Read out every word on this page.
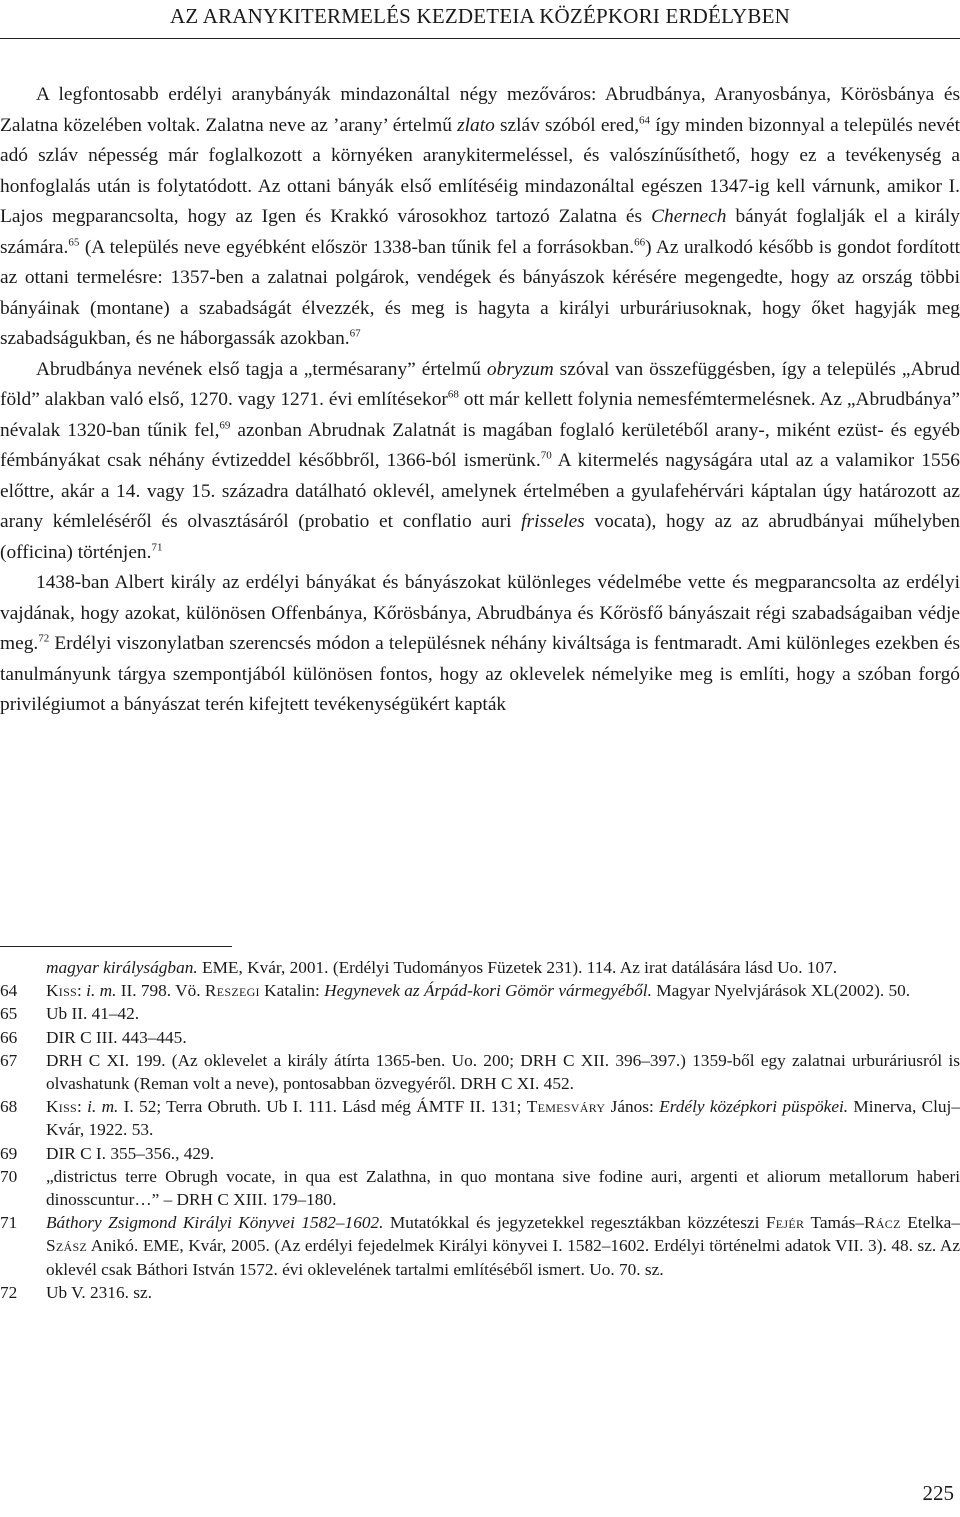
AZ ARANYKITERMELÉS KEZDETEIA KÖZÉPKORI ERDÉLYBEN

A legfontosabb erdélyi aranybányák mindazonáltal négy mezőváros: Abrudbánya, Aranyosbánya, Körösbánya és Zalatna közelében voltak. Zalatna neve az ’arany’ értelmű zlato szláv szóból ered,$^{64}$ így minden bizonnyal a település nevét adó szláv népesség már foglalkozott a környéken aranykitermeléssel, és valószínűsíthető, hogy ez a tevékenység a honfoglalás után is folytatódott. Az ottani bányák első említéséig mindazonáltal egészen 1347-ig kell várnunk, amikor I. Lajos megparancsolta, hogy az Igen és Krakkó városokhoz tartozó Zalatna és Chernech bányát foglalják el a király számára.$^{65}$ (A település neve egyébként először 1338-ban tűnik fel a forrásokban.$^{66}$) Az uralkodó később is gondot fordított az ottani termelésre: 1357-ben a zalatnai polgárok, vendégek és bányászok kérésére megengedte, hogy az ország többi bányáinak (montane) a szabadságát élvezzék, és meg is hagyta a királyi urburáriusoknak, hogy őket hagyják meg szabadságukban, és ne háborgassák azokban.$^{67}$

Abrudbánya nevének első tagja a „termésarany” értelmű obryzum szóval van összefüggésben, így a település „Abrud föld” alakban való első, 1270. vagy 1271. évi említésekor$^{68}$ ott már kellett folynia nemesfémtermelésnek. Az „Abrudbánya” névalak 1320-ban tűnik fel,$^{69}$ azonban Abrudnak Zalatnát is magában foglaló kerületéből arany-, miként ezüst- és egyéb fémbányákat csak néhány évtizeddel későbbről, 1366-ból ismerünk.$^{70}$ A kitermelés nagyságára utal az a valamikor 1556 előttre, akár a 14. vagy 15. századra datálható oklevél, amelynek értelmében a gyulafehérvári káptalan úgy határozott az arany kémleléséről és olvasztásáról (probatio et conflatio auri frisseles vocata), hogy az az abrudbányai műhelyben (officina) történjen.$^{71}$

1438-ban Albert király az erdélyi bányákat és bányászokat különleges védelmébe vette és megparancsolta az erdélyi vajdának, hogy azokat, különösen Offenbánya, Kőrösbánya, Abrudbánya és Kőrösfő bányászait régi szabadságaiban védje meg.$^{72}$ Erdélyi viszonylatban szerencsés módon a településnek néhány kiváltsága is fentmaradt. Ami különleges ezekben és tanulmányunk tárgya szempontjából különösen fontos, hogy az oklevelek némelyike meg is említi, hogy a szóban forgó privilégiumot a bányászat terén kifejtett tevékenységükért kapták

magyar királyságban. EME, Kvár, 2001. (Erdélyi Tudományos Füzetek 231). 114. Az irat datálására lásd Uo. 107.
64 Kiss: i. m. II. 798. Vö. Reszegi Katalin: Hegynevek az Árpád-kori Gömör vármegyéből. Magyar Nyelvjárások XL(2002). 50.
65 Ub II. 41–42.
66 DIR C III. 443–445.
67 DRH C XI. 199. (Az oklevelet a király átírta 1365-ben. Uo. 200; DRH C XII. 396–397.) 1359-ből egy zalatnai urburáriusról is olvashatunk (Reman volt a neve), pontosabban özvegyéről. DRH C XI. 452.
68 Kiss: i. m. I. 52; Terra Obruth. Ub I. 111. Lásd még ÁMTF II. 131; Temesváry János: Erdély középkori püspökei. Minerva, Cluj–Kvár, 1922. 53.
69 DIR C I. 355–356., 429.
70 „districtus terre Obrugh vocate, in qua est Zalathna, in quo montana sive fodine auri, argenti et aliorum metallorum haberi dinosscuntur…” – DRH C XIII. 179–180.
71 Báthory Zsigmond Királyi Könyvei 1582–1602. Mutatókkal és jegyzetekkel regesztákban közzéteszi Fejér Tamás–Rácz Etelka–Szász Anikó. EME, Kvár, 2005. (Az erdélyi fejedelmek Királyi könyvei I. 1582–1602. Erdélyi történelmi adatok VII. 3). 48. sz. Az oklevél csak Báthori István 1572. évi oklevelének tartalmi említéséből ismert. Uo. 70. sz.
72 Ub V. 2316. sz.
225
